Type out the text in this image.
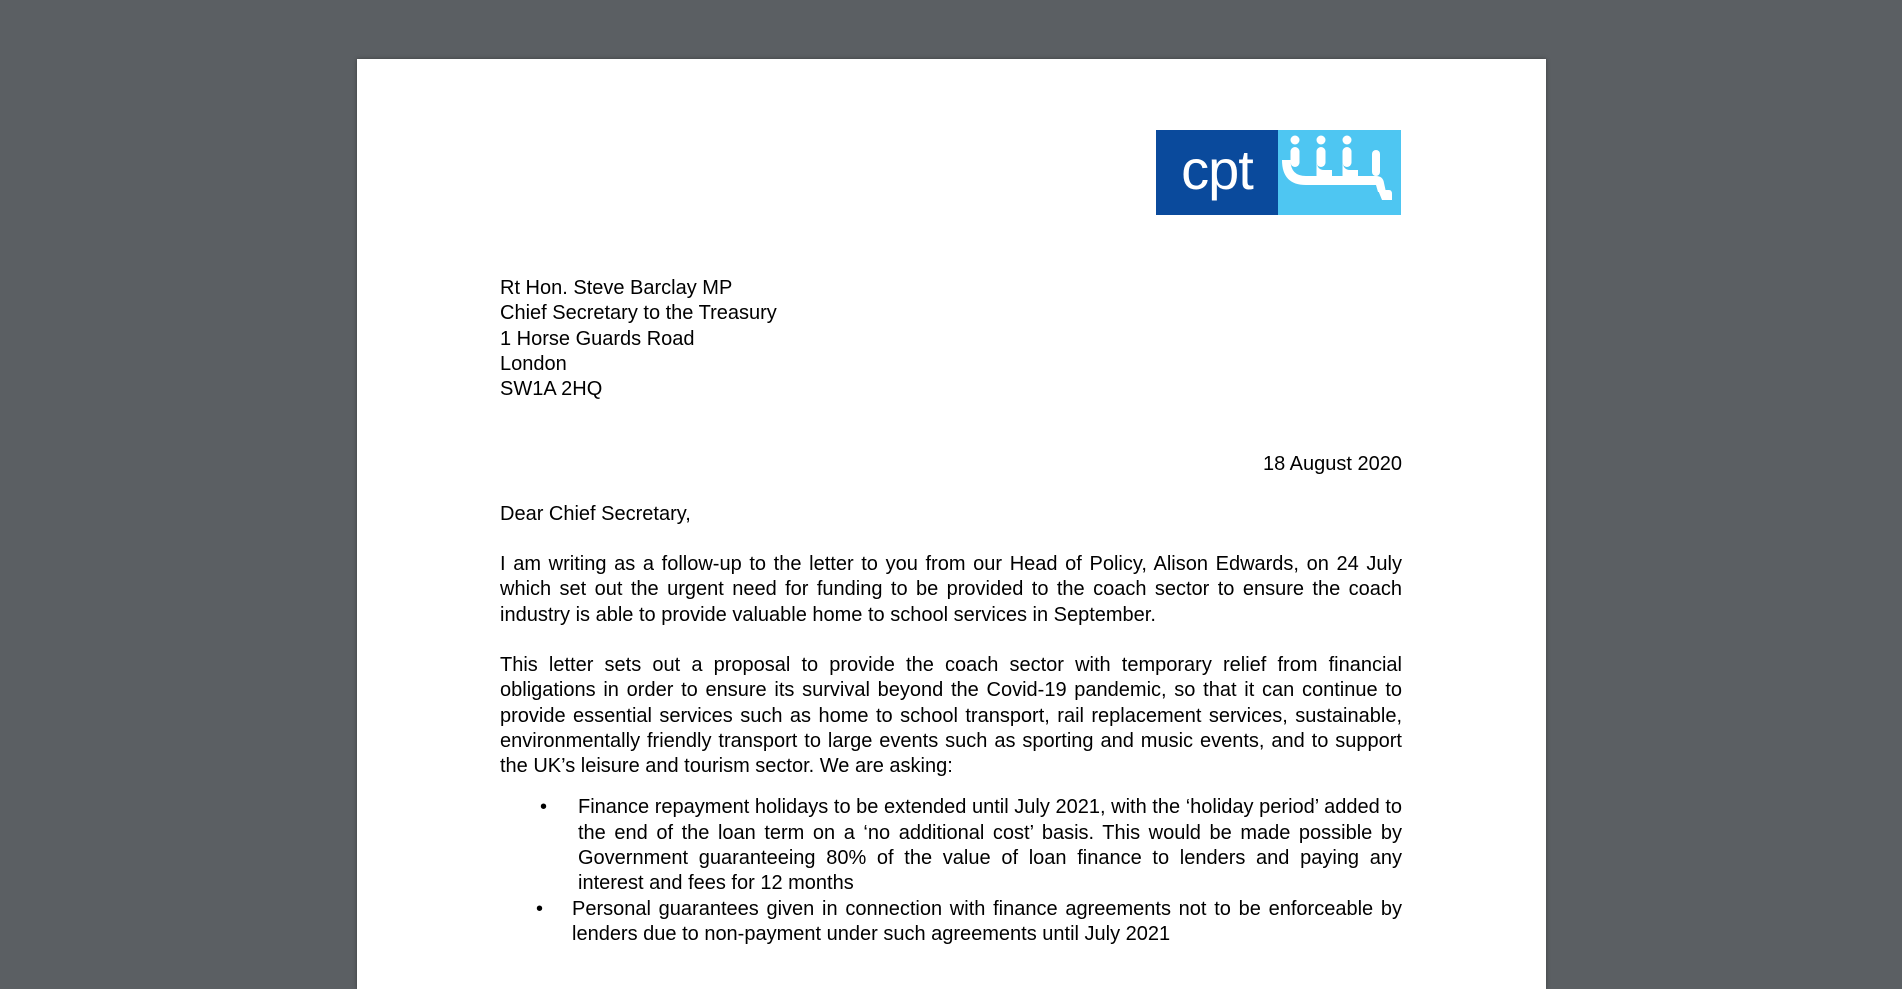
cpt
Rt Hon. Steve Barclay MP
Chief Secretary to the Treasury
1 Horse Guards Road
London
SW1A 2HQ
18 August 2020
Dear Chief Secretary,

I am writing as a follow-up to the letter to you from our Head of Policy, Alison Edwards, on 24 July which set out the urgent need for funding to be provided to the coach sector to ensure the coach industry is able to provide valuable home to school services in September.

This letter sets out a proposal to provide the coach sector with temporary relief from financial obligations in order to ensure its survival beyond the Covid-19 pandemic, so that it can continue to provide essential services such as home to school transport, rail replacement services, sustainable, environmentally friendly transport to large events such as sporting and music events, and to support the UK’s leisure and tourism sector. We are asking:

• Finance repayment holidays to be extended until July 2021, with the ‘holiday period’ added to the end of the loan term on a ‘no additional cost’ basis. This would be made possible by Government guaranteeing 80% of the value of loan finance to lenders and paying any interest and fees for 12 months
• Personal guarantees given in connection with finance agreements not to be enforceable by lenders due to non-payment under such agreements until July 2021
